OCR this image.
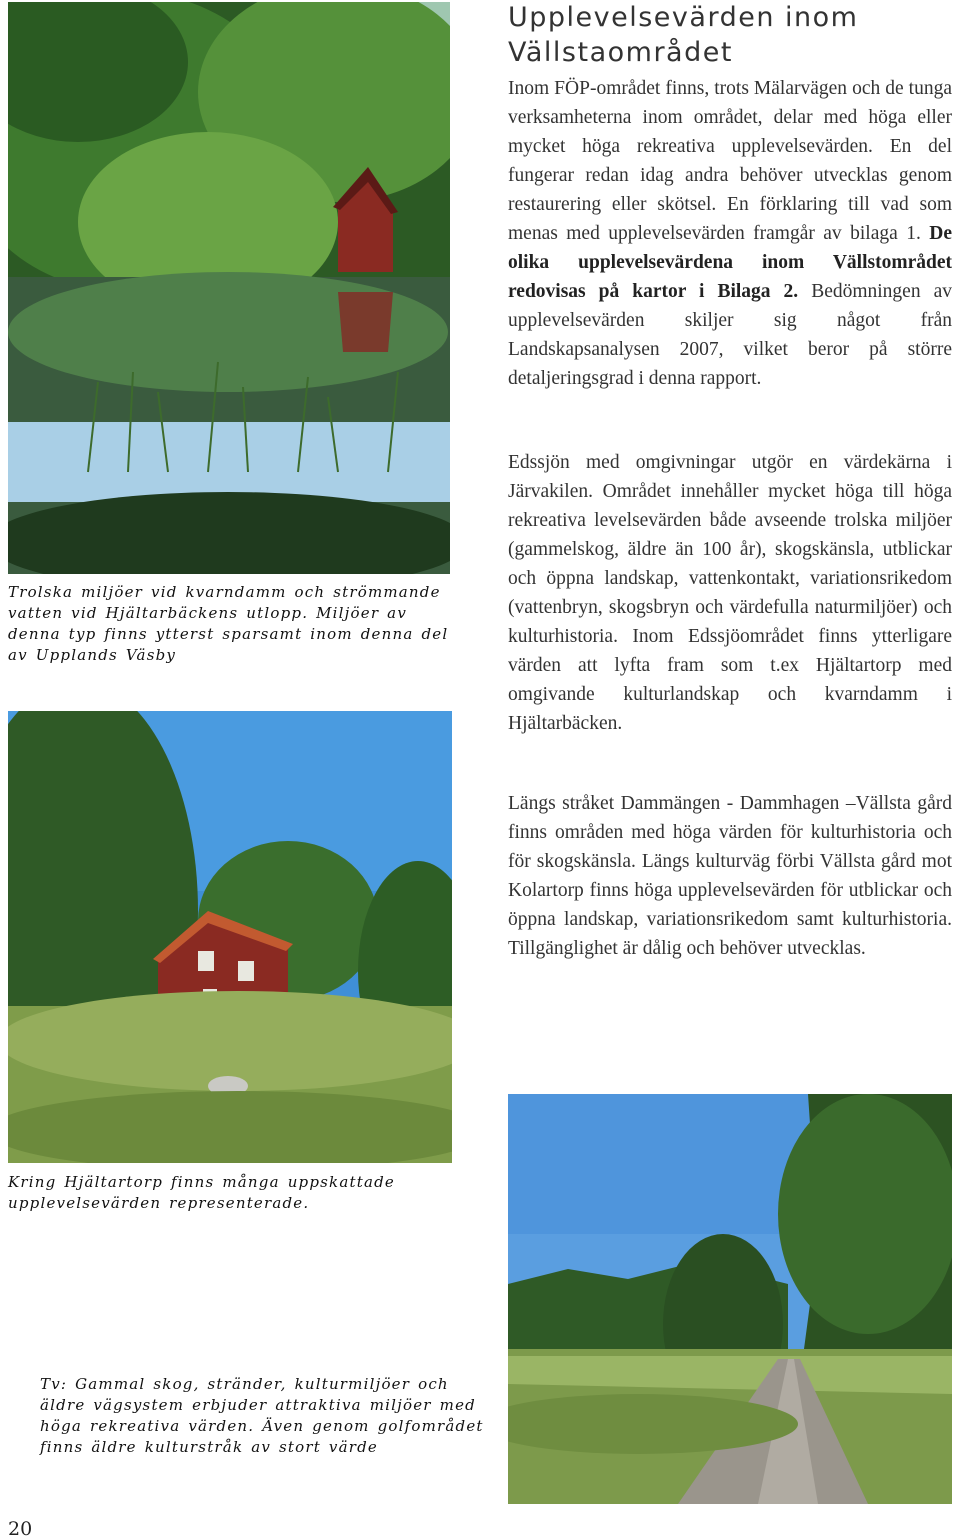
Trolska miljöer vid kvarndamm och strömmande vatten vid Hjältarbäckens utlopp. Miljöer av denna typ finns ytterst sparsamt inom denna del av Upplands Väsby

Kring Hjältartorp finns många uppskattade upplevelsevärden representerade.

Upplevelsevärden inom
Vällstaområdet

Inom FÖP-området finns, trots Mälarvägen och de tunga verksamheterna inom området, delar med höga eller mycket höga rekreativa upplevelsevärden. En del fungerar redan idag andra behöver utvecklas genom restaurering eller skötsel. En förklaring till vad som menas med upplevelsevärden framgår av bilaga 1. De olika upplevelsevärdena inom Vällstområdet redovisas på kartor i Bilaga 2. Bedömningen av upplevelsevärden skiljer sig något från Landskapsanalysen 2007, vilket beror på större detaljeringsgrad i denna rapport.

Edssjön med omgivningar utgör en värdekärna i Järvakilen. Området innehåller mycket höga till höga rekreativa levelsevärden både avseende trolska miljöer (gammelskog, äldre än 100 år), skogskänsla, utblickar och öppna landskap, vattenkontakt, variationsrikedom (vattenbryn, skogsbryn och värdefulla naturmiljöer) och kulturhistoria. Inom Edssjöområdet finns ytterligare värden att lyfta fram som t.ex Hjältartorp med omgivande kulturlandskap och kvarndamm i Hjältarbäcken.

Längs stråket Dammängen - Dammhagen –Vällsta gård finns områden med höga värden för kulturhistoria och för skogskänsla. Längs kulturväg förbi Vällsta gård mot Kolartorp finns höga upplevelsevärden för utblickar och öppna landskap, variationsrikedom samt kulturhistoria. Tillgänglighet är dålig och behöver utvecklas.

Tv: Gammal skog, stränder, kulturmiljöer och äldre vägsystem erbjuder attraktiva miljöer med höga rekreativa värden. Även genom golfområdet finns äldre kulturstråk av stort värde

20
